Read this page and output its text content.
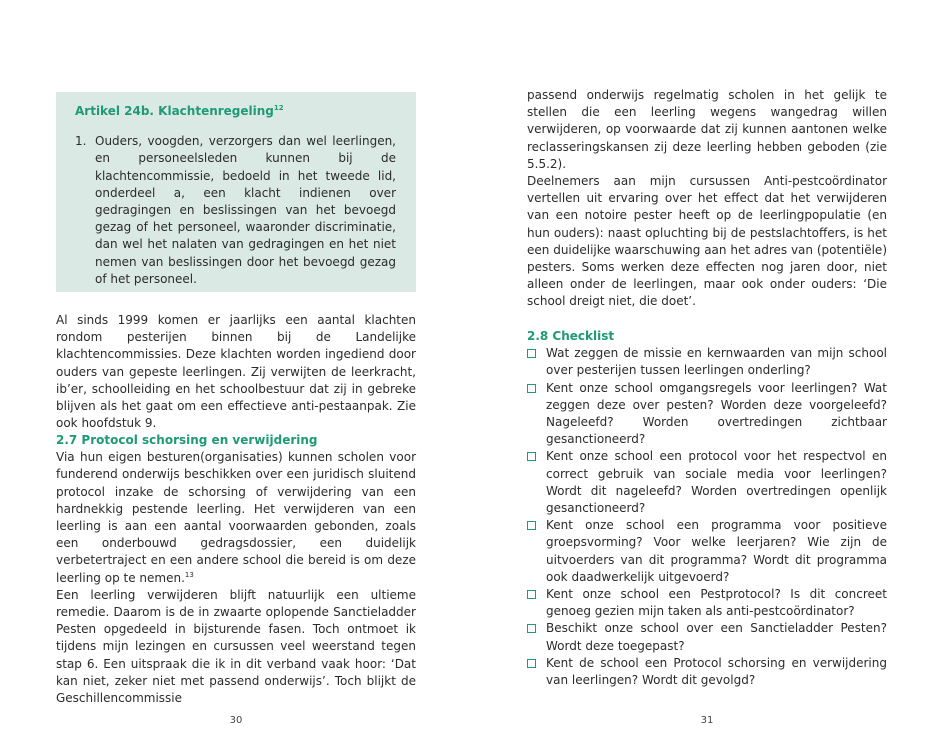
Artikel 24b. Klachtenregeling$^{12}$
1. Ouders, voogden, verzorgers dan wel leerlingen, en personeelsleden kunnen bij de klachtencommissie, bedoeld in het tweede lid, onderdeel a, een klacht indienen over gedragingen en beslissingen van het bevoegd gezag of het personeel, waaronder discriminatie, dan wel het nalaten van gedragingen en het niet nemen van beslissingen door het bevoegd gezag of het personeel.

Al sinds 1999 komen er jaarlijks een aantal klachten rondom pesterijen binnen bij de Landelijke klachtencommissies. Deze klachten worden ingediend door ouders van gepeste leerlingen. Zij verwijten de leerkracht, ib’er, schoolleiding en het schoolbestuur dat zij in gebreke blijven als het gaat om een effectieve anti-pestaanpak. Zie ook hoofdstuk 9.

2.7 Protocol schorsing en verwijdering

Via hun eigen besturen(organisaties) kunnen scholen voor funderend onderwijs beschikken over een juridisch sluitend protocol inzake de schorsing of verwijdering van een hardnekkig pestende leerling. Het verwijderen van een leerling is aan een aantal voorwaarden gebonden, zoals een onderbouwd gedragsdossier, een duidelijk verbetertraject en een andere school die bereid is om deze leerling op te nemen.$^{13}$

Een leerling verwijderen blijft natuurlijk een ultieme remedie. Daarom is de in zwaarte oplopende Sanctieladder Pesten opgedeeld in bijsturende fasen. Toch ontmoet ik tijdens mijn lezingen en cursussen veel weerstand tegen stap 6. Een uitspraak die ik in dit verband vaak hoor: ‘Dat kan niet, zeker niet met passend onderwijs’. Toch blijkt de Geschillencommissie

30

passend onderwijs regelmatig scholen in het gelijk te stellen die een leerling wegens wangedrag willen verwijderen, op voorwaarde dat zij kunnen aantonen welke reclasseringskansen zij deze leerling hebben geboden (zie 5.5.2).

Deelnemers aan mijn cursussen Anti-pestcoördinator vertellen uit ervaring over het effect dat het verwijderen van een notoire pester heeft op de leerlingpopulatie (en hun ouders): naast opluchting bij de pestslachtoffers, is het een duidelijke waarschuwing aan het adres van (potentiële) pesters. Soms werken deze effecten nog jaren door, niet alleen onder de leerlingen, maar ook onder ouders: ‘Die school dreigt niet, die doet’.

2.8 Checklist
Wat zeggen de missie en kernwaarden van mijn school over pesterijen tussen leerlingen onderling?
Kent onze school omgangsregels voor leerlingen? Wat zeggen deze over pesten? Worden deze voorgeleefd? Nageleefd? Worden overtredingen zichtbaar gesanctioneerd?
Kent onze school een protocol voor het respectvol en correct gebruik van sociale media voor leerlingen? Wordt dit nageleefd? Worden overtredingen openlijk gesanctioneerd?
Kent onze school een programma voor positieve groepsvorming? Voor welke leerjaren? Wie zijn de uitvoerders van dit programma? Wordt dit programma ook daadwerkelijk uitgevoerd?
Kent onze school een Pestprotocol? Is dit concreet genoeg gezien mijn taken als anti-pestcoördinator?
Beschikt onze school over een Sanctieladder Pesten? Wordt deze toegepast?
Kent de school een Protocol schorsing en verwijdering van leerlingen? Wordt dit gevolgd?
31
